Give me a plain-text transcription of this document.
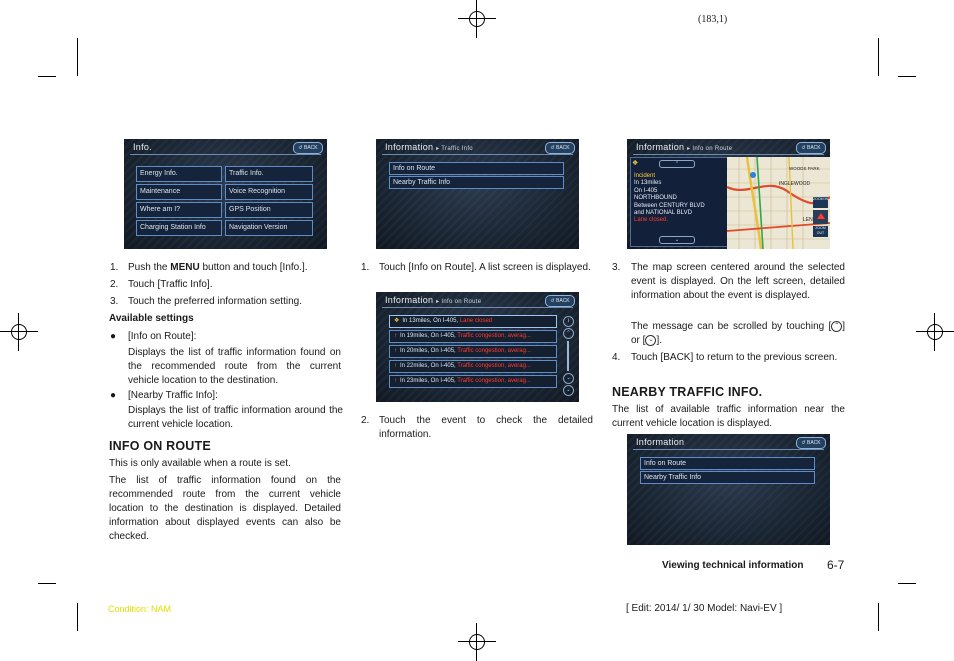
(183,1)
Info.	↺ BACK
Energy Info.	Traffic Info.
Maintenance	Voice Recognition
Where am I?	GPS Position
Charging Station Info	Navigation Version
Information ▸ Traffic Info	↺ BACK
Info on Route
Nearby Traffic Info
Information ▸ Info on Route	↺ BACK
❖ In 13miles, On I-405, Lane closed
↑ In 19miles, On I-405, Traffic congestion, averag...
↑ In 20miles, On I-405, Traffic congestion, averag...
↑ In 22miles, On I-405, Traffic congestion, averag...
↑ In 23miles, On I-405, Traffic congestion, averag...
i
⌃
⌄
⌄
Information ▸ Info on Route	↺ BACK
❖	⌃
Incident
In 13miles
On I-405
NORTHBOUND
Between CENTURY BLVD
and NATIONAL BLVD
Lane closed.
⌄
WOODS PARK
INGLEWOOD
LEN
ZOOM IN
ZOOM OUT
Information	↺ BACK
Info on Route
Nearby Traffic Info
1. Push the MENU button and touch [Info.].
2. Touch [Traffic Info].
3. Touch the preferred information setting.
Available settings
● [Info on Route]:
Displays the list of traffic information found on the recommended route from the current vehicle location to the destination.
● [Nearby Traffic Info]:
Displays the list of traffic information around the current vehicle location.
INFO ON ROUTE
This is only available when a route is set.
The list of traffic information found on the recommended route from the current vehicle location to the destination is displayed. Detailed information about displayed events can also be checked.
1. Touch [Info on Route]. A list screen is displayed.
2. Touch the event to check the detailed information.
3. The map screen centered around the selected event is displayed. On the left screen, detailed information about the event is displayed.
The message can be scrolled by touching [ ⌃ ] or [ ⌄ ].
4. Touch [BACK] to return to the previous screen.
NEARBY TRAFFIC INFO.
The list of available traffic information near the current vehicle location is displayed.
Viewing technical information 6-7
Condition: NAM	[ Edit: 2014/ 1/ 30 Model: Navi-EV ]
